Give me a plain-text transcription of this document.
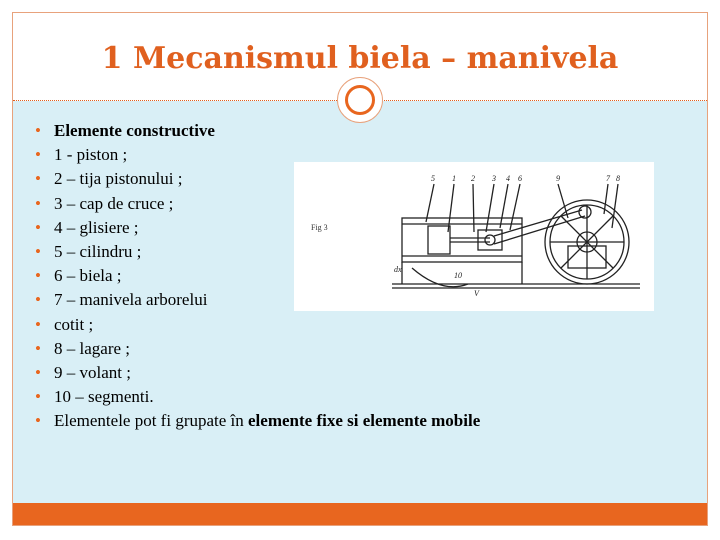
1 Mecanismul biela – manivela
• Elemente constructive
• 1 - piston ;
• 2 – tija pistonului ;
• 3 – cap de cruce ;
• 4 – glisiere ;
• 5 – cilindru ;
• 6 – biela ;
• 7 – manivela arborelui
• cotit ;
• 8 – lagare ;
• 9 – volant ;
• 10 – segmenti.
• Elementele pot fi grupate în elemente fixe si elemente mobile
Fig 3
5 1 2 3 4 6	9	7 8
10
V
dx
